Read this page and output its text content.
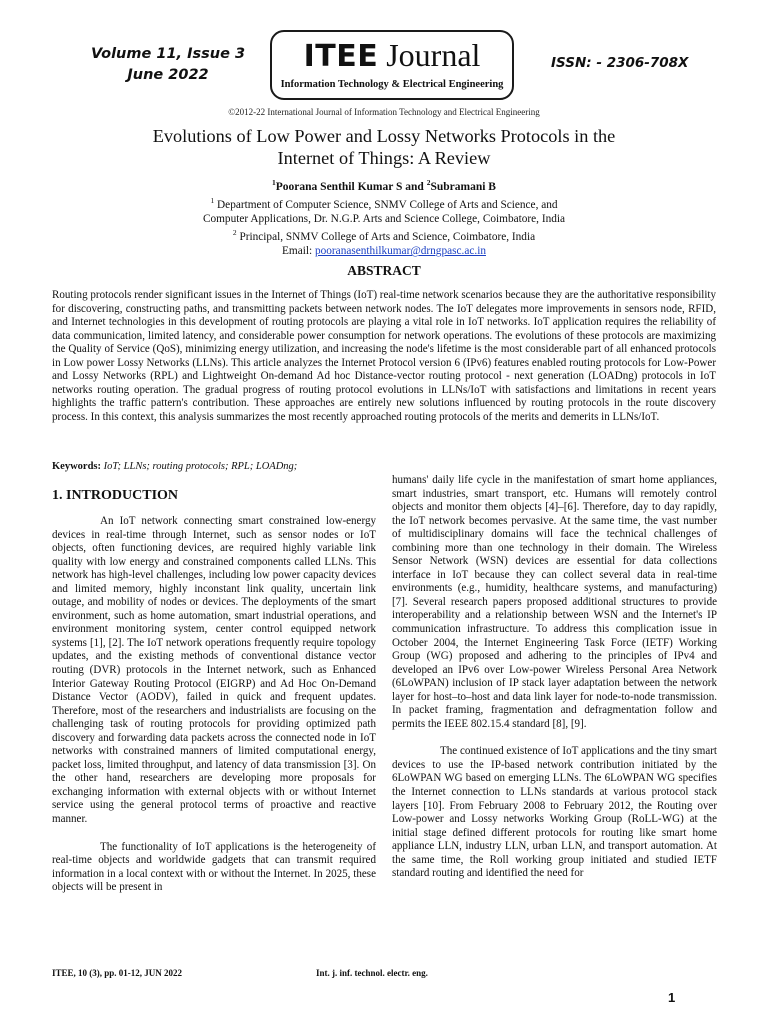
Volume 11, Issue 3
June 2022
ITEE Journal
Information Technology & Electrical Engineering
ISSN: - 2306-708X
©2012-22 International Journal of Information Technology and Electrical Engineering
Evolutions of Low Power and Lossy Networks Protocols in the
Internet of Things: A Review
$^1$Poorana Senthil Kumar S and $^2$Subramani B
$^1$ Department of Computer Science, SNMV College of Arts and Science, and
Computer Applications, Dr. N.G.P. Arts and Science College, Coimbatore, India
$^2$ Principal, SNMV College of Arts and Science, Coimbatore, India
Email: pooranasenthilkumar@drngpasc.ac.in
ABSTRACT
Routing protocols render significant issues in the Internet of Things (IoT) real-time network scenarios because they are the authoritative responsibility for discovering, constructing paths, and transmitting packets between network nodes. The IoT delegates more improvements in sensors node, RFID, and Internet technologies in this development of routing protocols are playing a vital role in IoT networks. IoT application requires the reliability of data communication, limited latency, and considerable power consumption for network operations. The evolutions of these protocols are maximizing the Quality of Service (QoS), minimizing energy utilization, and increasing the node's lifetime is the most considerable part of all enhanced protocols in Low power Lossy Networks (LLNs). This article analyzes the Internet Protocol version 6 (IPv6) features enabled routing protocols for Low-Power and Lossy Networks (RPL) and Lightweight On-demand Ad hoc Distance-vector routing protocol - next generation (LOADng) protocols in IoT networks routing operation. The gradual progress of routing protocol evolutions in LLNs/IoT with satisfactions and limitations in recent years highlights the traffic pattern's contribution. These approaches are entirely new solutions influenced by routing protocols in the route discovery process. In this context, this analysis summarizes the most recently approached routing protocols of the merits and demerits in LLNs/IoT.
Keywords: IoT; LLNs; routing protocols; RPL; LOADng;
1. INTRODUCTION

An IoT network connecting smart constrained low-energy devices in real-time through Internet, such as sensor nodes or IoT objects, often functioning devices, are required highly variable link quality with low energy and constrained components called LLNs. This network has high-level challenges, including low power capacity devices and limited memory, highly inconstant link quality, uncertain link outage, and mobility of nodes or devices. The deployments of the smart environment, such as home automation, smart industrial operations, and environment monitoring system, center control equipped network systems [1], [2]. The IoT network operations frequently require topology updates, and the existing methods of conventional distance vector routing (DVR) protocols in the Internet network, such as Enhanced Interior Gateway Routing Protocol (EIGRP) and Ad Hoc On-Demand Distance Vector (AODV), failed in quick and frequent updates. Therefore, most of the researchers and industrialists are focusing on the challenging task of routing protocols for providing optimized path discovery and forwarding data packets across the connected node in IoT networks with constrained manners of limited computational energy, packet loss, limited throughput, and latency of data transmission [3]. On the other hand, researchers are developing more proposals for exchanging information with external objects with or without Internet service using the general protocol terms of proactive and reactive manner.

The functionality of IoT applications is the heterogeneity of real-time objects and worldwide gadgets that can transmit required information in a local context with or without the Internet. In 2025, these objects will be present in

humans' daily life cycle in the manifestation of smart home appliances, smart industries, smart transport, etc. Humans will remotely control objects and monitor them objects [4]–[6]. Therefore, day to day rapidly, the IoT network becomes pervasive. At the same time, the vast number of multidisciplinary domains will face the technical challenges of combining more than one technology in their domain. The Wireless Sensor Network (WSN) devices are essential for data collections interface in IoT because they can collect several data in real-time environments (e.g., humidity, healthcare systems, and manufacturing) [7]. Several research papers proposed additional structures to provide interoperability and a relationship between WSN and the Internet's IP communication infrastructure. To address this complication issue in October 2004, the Internet Engineering Task Force (IETF) Working Group (WG) proposed and adhering to the principles of IPv4 and developed an IPv6 over Low-power Wireless Personal Area Network (6LoWPAN) inclusion of IP stack layer adaptation between the network layer for host–to–host and data link layer for node-to-node transmission. In packet framing, fragmentation and defragmentation follow and permits the IEEE 802.15.4 standard [8], [9].

The continued existence of IoT applications and the tiny smart devices to use the IP-based network contribution initiated by the 6LoWPAN WG based on emerging LLNs. The 6LoWPAN WG specifies the Internet connection to LLNs standards at various protocol stack layers [10]. From February 2008 to February 2012, the Routing over Low-power and Lossy networks Working Group (RoLL-WG) at the initial stage defined different protocols for routing like smart home appliance LLN, industry LLN, urban LLN, and transport automation. At the same time, the Roll working group initiated and studied IETF standard routing and identified the need for

ITEE, 10 (3), pp. 01-12, JUN 2022	Int. j. inf. technol. electr. eng.
1
